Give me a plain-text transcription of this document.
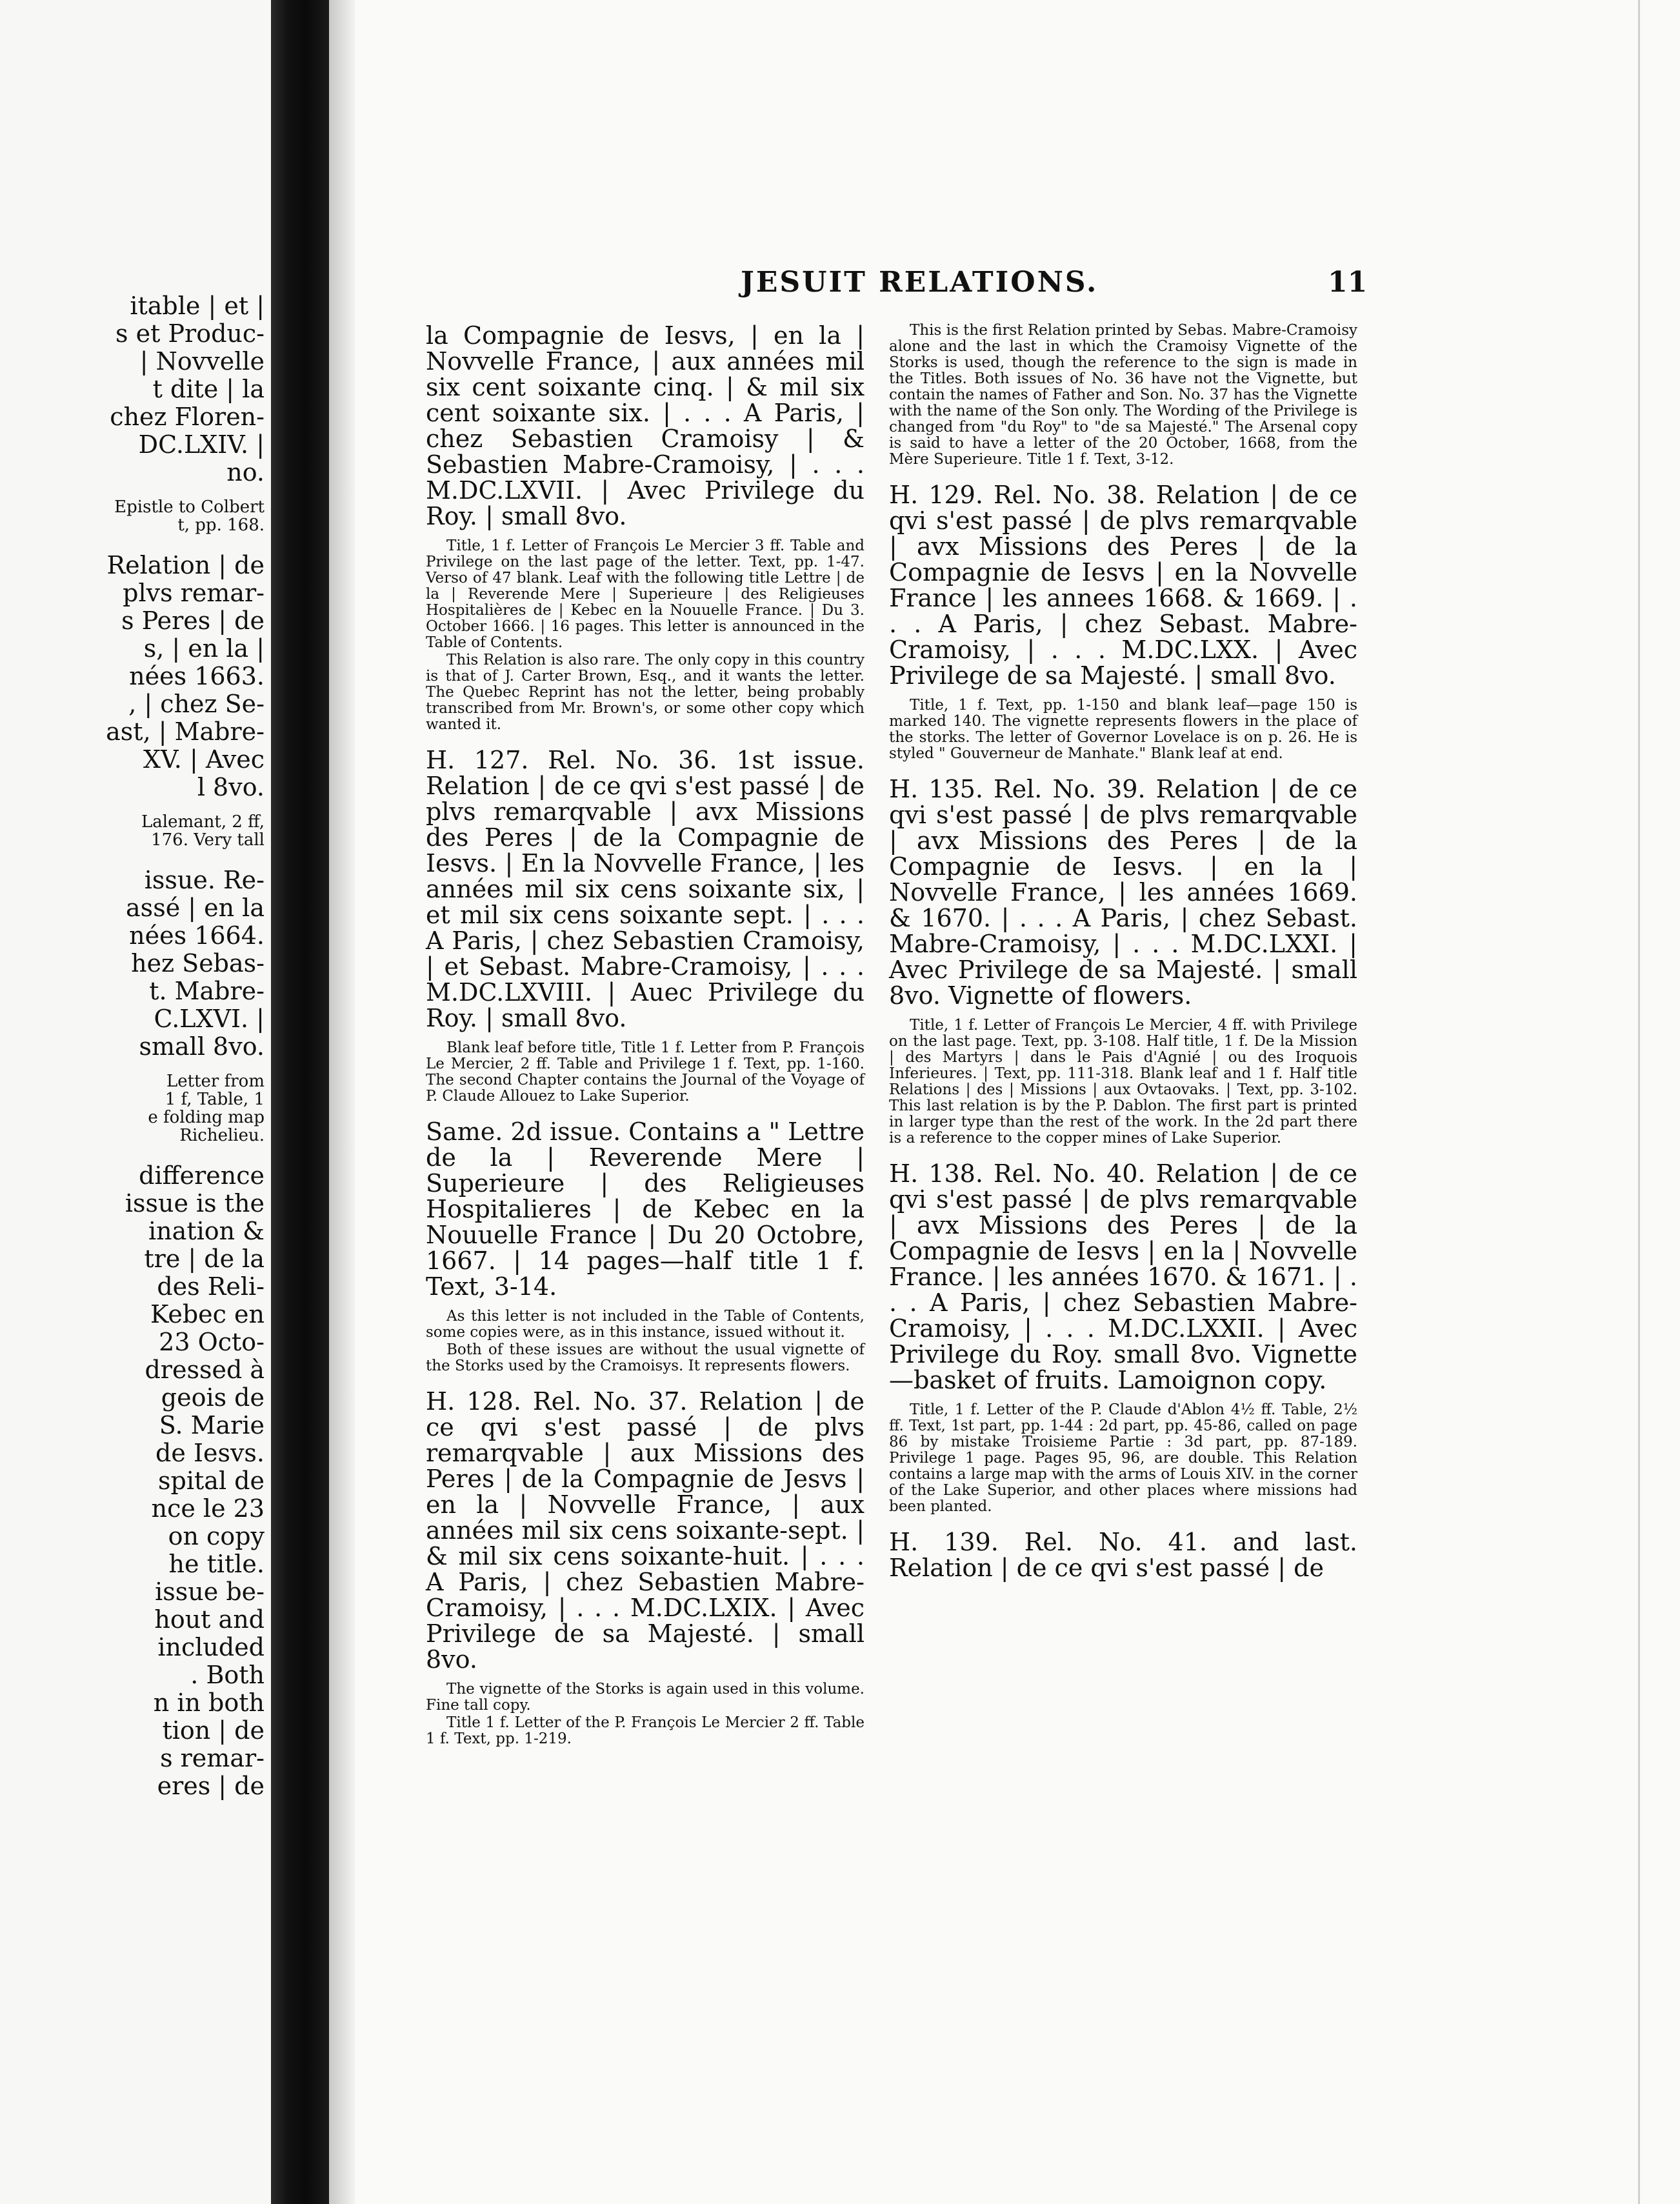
itable | et |
s et Produc-
| Novvelle
t dite | la
chez Floren-
DC.LXIV. |
no.
Epistle to Colbert
t, pp. 168.
Relation | de
plvs remar-
s Peres | de
s, | en la |
nées 1663.
, | chez Se-
ast, | Mabre-
XV. | Avec
l 8vo.
Lalemant, 2 ff,
176. Very tall
issue. Re-
assé | en la
nées 1664.
hez Sebas-
t. Mabre-
C.LXVI. |
small 8vo.
Letter from
1 f, Table, 1
e folding map
Richelieu.
difference
issue is the
ination &
tre | de la
des Reli-
Kebec en
23 Octo-
dressed à
geois de
S. Marie
de Iesvs.
spital de
nce le 23
on copy
he title.
issue be-
hout and
included
. Both
n in both
tion | de
s remar-
eres | de
JESUIT RELATIONS.	11

la Compagnie de Iesvs, | en la | Novvelle France, | aux années mil six cent soixante cinq. | & mil six cent soixante six. | . . . A Paris, | chez Sebastien Cramoisy | & Sebastien Mabre-Cramoisy, | . . . M.DC.LXVII. | Avec Privilege du Roy. | small 8vo.

Title, 1 f. Letter of François Le Mercier 3 ff. Table and Privilege on the last page of the letter. Text, pp. 1-47. Verso of 47 blank. Leaf with the following title Lettre | de la | Reverende Mere | Superieure | des Religieuses Hospitalières de | Kebec en la Nouuelle France. | Du 3. October 1666. | 16 pages. This letter is announced in the Table of Contents.

This Relation is also rare. The only copy in this country is that of J. Carter Brown, Esq., and it wants the letter. The Quebec Reprint has not the letter, being probably transcribed from Mr. Brown's, or some other copy which wanted it.

H. 127. Rel. No. 36. 1st issue. Relation | de ce qvi s'est passé | de plvs remarqvable | avx Missions des Peres | de la Compagnie de Iesvs. | En la Novvelle France, | les années mil six cens soixante six, | et mil six cens soixante sept. | . . . A Paris, | chez Sebastien Cramoisy, | et Sebast. Mabre-Cramoisy, | . . . M.DC.LXVIII. | Auec Privilege du Roy. | small 8vo.

Blank leaf before title, Title 1 f. Letter from P. François Le Mercier, 2 ff. Table and Privilege 1 f. Text, pp. 1-160. The second Chapter contains the Journal of the Voyage of P. Claude Allouez to Lake Superior.

Same. 2d issue. Contains a " Lettre de la | Reverende Mere | Superieure | des Religieuses Hospitalieres | de Kebec en la Nouuelle France | Du 20 Octobre, 1667. | 14 pages—half title 1 f. Text, 3-14.

As this letter is not included in the Table of Contents, some copies were, as in this instance, issued without it.

Both of these issues are without the usual vignette of the Storks used by the Cramoisys. It represents flowers.

H. 128. Rel. No. 37. Relation | de ce qvi s'est passé | de plvs remarqvable | aux Missions des Peres | de la Compagnie de Jesvs | en la | Novvelle France, | aux années mil six cens soixante-sept. | & mil six cens soixante-huit. | . . . A Paris, | chez Sebastien Mabre-Cramoisy, | . . . M.DC.LXIX. | Avec Privilege de sa Majesté. | small 8vo.

The vignette of the Storks is again used in this volume. Fine tall copy.

Title 1 f. Letter of the P. François Le Mercier 2 ff. Table 1 f. Text, pp. 1-219.

This is the first Relation printed by Sebas. Mabre-Cramoisy alone and the last in which the Cramoisy Vignette of the Storks is used, though the reference to the sign is made in the Titles. Both issues of No. 36 have not the Vignette, but contain the names of Father and Son. No. 37 has the Vignette with the name of the Son only. The Wording of the Privilege is changed from "du Roy" to "de sa Majesté." The Arsenal copy is said to have a letter of the 20 October, 1668, from the Mère Superieure. Title 1 f. Text, 3-12.

H. 129. Rel. No. 38. Relation | de ce qvi s'est passé | de plvs remarqvable | avx Missions des Peres | de la Compagnie de Iesvs | en la Novvelle France | les annees 1668. & 1669. | . . . A Paris, | chez Sebast. Mabre-Cramoisy, | . . . M.DC.LXX. | Avec Privilege de sa Majesté. | small 8vo.

Title, 1 f. Text, pp. 1-150 and blank leaf—page 150 is marked 140. The vignette represents flowers in the place of the storks. The letter of Governor Lovelace is on p. 26. He is styled " Gouverneur de Manhate." Blank leaf at end.

H. 135. Rel. No. 39. Relation | de ce qvi s'est passé | de plvs remarqvable | avx Missions des Peres | de la Compagnie de Iesvs. | en la | Novvelle France, | les années 1669. & 1670. | . . . A Paris, | chez Sebast. Mabre-Cramoisy, | . . . M.DC.LXXI. | Avec Privilege de sa Majesté. | small 8vo. Vignette of flowers.

Title, 1 f. Letter of François Le Mercier, 4 ff. with Privilege on the last page. Text, pp. 3-108. Half title, 1 f. De la Mission | des Martyrs | dans le Pais d'Agnié | ou des Iroquois Inferieures. | Text, pp. 111-318. Blank leaf and 1 f. Half title Relations | des | Missions | aux Ovtaovaks. | Text, pp. 3-102. This last relation is by the P. Dablon. The first part is printed in larger type than the rest of the work. In the 2d part there is a reference to the copper mines of Lake Superior.

H. 138. Rel. No. 40. Relation | de ce qvi s'est passé | de plvs remarqvable | avx Missions des Peres | de la Compagnie de Iesvs | en la | Novvelle France. | les années 1670. & 1671. | . . . A Paris, | chez Sebastien Mabre-Cramoisy, | . . . M.DC.LXXII. | Avec Privilege du Roy. small 8vo. Vignette—basket of fruits. Lamoignon copy.

Title, 1 f. Letter of the P. Claude d'Ablon 4½ ff. Table, 2½ ff. Text, 1st part, pp. 1-44 : 2d part, pp. 45-86, called on page 86 by mistake Troisieme Partie : 3d part, pp. 87-189. Privilege 1 page. Pages 95, 96, are double. This Relation contains a large map with the arms of Louis XIV. in the corner of the Lake Superior, and other places where missions had been planted.

H. 139. Rel. No. 41. and last. Relation | de ce qvi s'est passé | de
